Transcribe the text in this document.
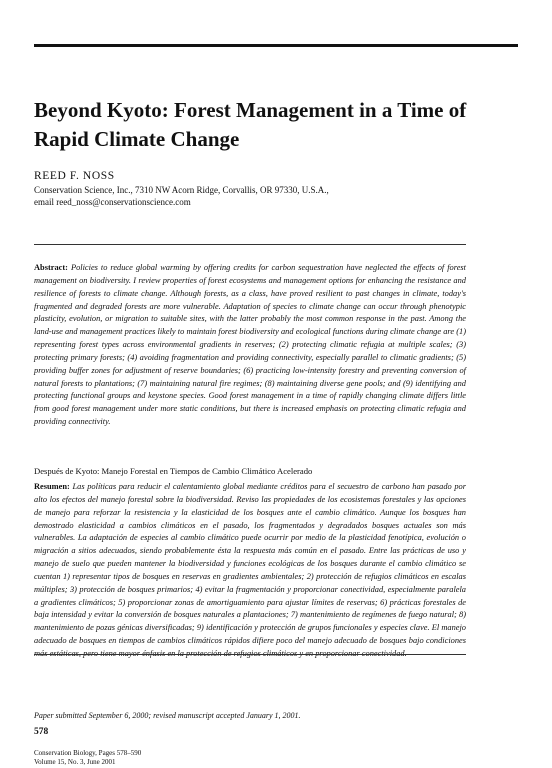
Beyond Kyoto: Forest Management in a Time of Rapid Climate Change
REED F. NOSS
Conservation Science, Inc., 7310 NW Acorn Ridge, Corvallis, OR 97330, U.S.A.,
email reed_noss@conservationscience.com

Abstract: Policies to reduce global warming by offering credits for carbon sequestration have neglected the effects of forest management on biodiversity. I review properties of forest ecosystems and management options for enhancing the resistance and resilience of forests to climate change. Although forests, as a class, have proved resilient to past changes in climate, today's fragmented and degraded forests are more vulnerable. Adaptation of species to climate change can occur through phenotypic plasticity, evolution, or migration to suitable sites, with the latter probably the most common response in the past. Among the land-use and management practices likely to maintain forest biodiversity and ecological functions during climate change are (1) representing forest types across environmental gradients in reserves; (2) protecting climatic refugia at multiple scales; (3) protecting primary forests; (4) avoiding fragmentation and providing connectivity, especially parallel to climatic gradients; (5) providing buffer zones for adjustment of reserve boundaries; (6) practicing low-intensity forestry and preventing conversion of natural forests to plantations; (7) maintaining natural fire regimes; (8) maintaining diverse gene pools; and (9) identifying and protecting functional groups and keystone species. Good forest management in a time of rapidly changing climate differs little from good forest management under more static conditions, but there is increased emphasis on protecting climatic refugia and providing connectivity.

Después de Kyoto: Manejo Forestal en Tiempos de Cambio Climático Acelerado

Resumen: Las políticas para reducir el calentamiento global mediante créditos para el secuestro de carbono han pasado por alto los efectos del manejo forestal sobre la biodiversidad. Reviso las propiedades de los ecosistemas forestales y las opciones de manejo para reforzar la resistencia y la elasticidad de los bosques ante el cambio climático. Aunque los bosques han demostrado elasticidad a cambios climáticos en el pasado, los fragmentados y degradados bosques actuales son más vulnerables. La adaptación de especies al cambio climático puede ocurrir por medio de la plasticidad fenotípica, evolución o migración a sitios adecuados, siendo probablemente ésta la respuesta más común en el pasado. Entre las prácticas de uso y manejo de suelo que pueden mantener la biodiversidad y funciones ecológicas de los bosques durante el cambio climático se cuentan 1) representar tipos de bosques en reservas en gradientes ambientales; 2) protección de refugios climáticos en escalas múltiples; 3) protección de bosques primarios; 4) evitar la fragmentación y proporcionar conectividad, especialmente paralela a gradientes climáticos; 5) proporcionar zonas de amortiguamiento para ajustar límites de reservas; 6) prácticas forestales de baja intensidad y evitar la conversión de bosques naturales a plantaciones; 7) mantenimiento de regímenes de fuego natural; 8) mantenimiento de pozas génicas diversificadas; 9) identificación y protección de grupos funcionales y especies clave. El manejo adecuado de bosques en tiempos de cambios climáticos rápidos difiere poco del manejo adecuado de bosques bajo condiciones

Paper submitted September 6, 2000; revised manuscript accepted January 1, 2001.
578
Conservation Biology, Pages 578–590
Volume 15, No. 3, June 2001
